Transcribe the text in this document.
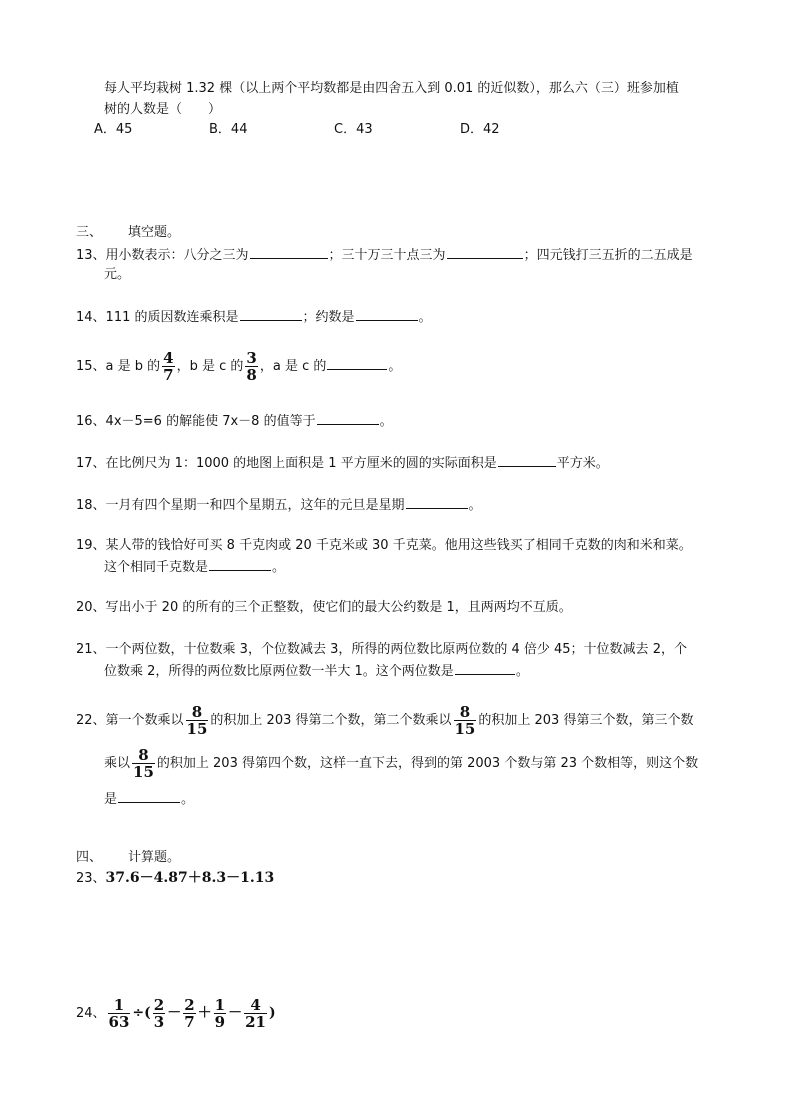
每人平均栽树 1.32 棵（以上两个平均数都是由四舍五入到 0.01 的近似数），那么六（三）班参加植
树的人数是（　　）
A．45	B．44	C．43	D．42
三、 填空题。
13、用小数表示：八分之三为	；三十万三十点三为	；四元钱打三五折的二五成是
元。
14、111 的质因数连乘积是	；约数是	。
15、a 是 b 的 $\frac{4}{7}$ ，b 是 c 的 $\frac{3}{8}$ ，a 是 c 的	。
16、4x－5=6 的解能使 7x－8 的值等于	。
17、在比例尺为 1：1000 的地图上面积是 1 平方厘米的圆的实际面积是	平方米。
18、一月有四个星期一和四个星期五，这年的元旦是星期	。
19、某人带的钱恰好可买 8 千克肉或 20 千克米或 30 千克菜。他用这些钱买了相同千克数的肉和米和菜。
这个相同千克数是	。
20、写出小于 20 的所有的三个正整数，使它们的最大公约数是 1，且两两均不互质。
21、一个两位数，十位数乘 3，个位数减去 3，所得的两位数比原两位数的 4 倍少 45；十位数减去 2，个
位数乘 2，所得的两位数比原两位数一半大 1。这个两位数是	。
22、第一个数乘以 $\frac{8}{15}$ 的积加上 203 得第二个数，第二个数乘以 $\frac{8}{15}$ 的积加上 203 得第三个数，第三个数
乘以 $\frac{8}{15}$ 的积加上 203 得第四个数，这样一直下去，得到的第 2003 个数与第 23 个数相等，则这个数
是	。
四、 计算题。
23、37.6－4.87＋8.3－1.13
24、 $\frac{1}{63}$ ÷( $\frac{2}{3} - \frac{2}{7} + \frac{1}{9} - \frac{4}{21}$ )
